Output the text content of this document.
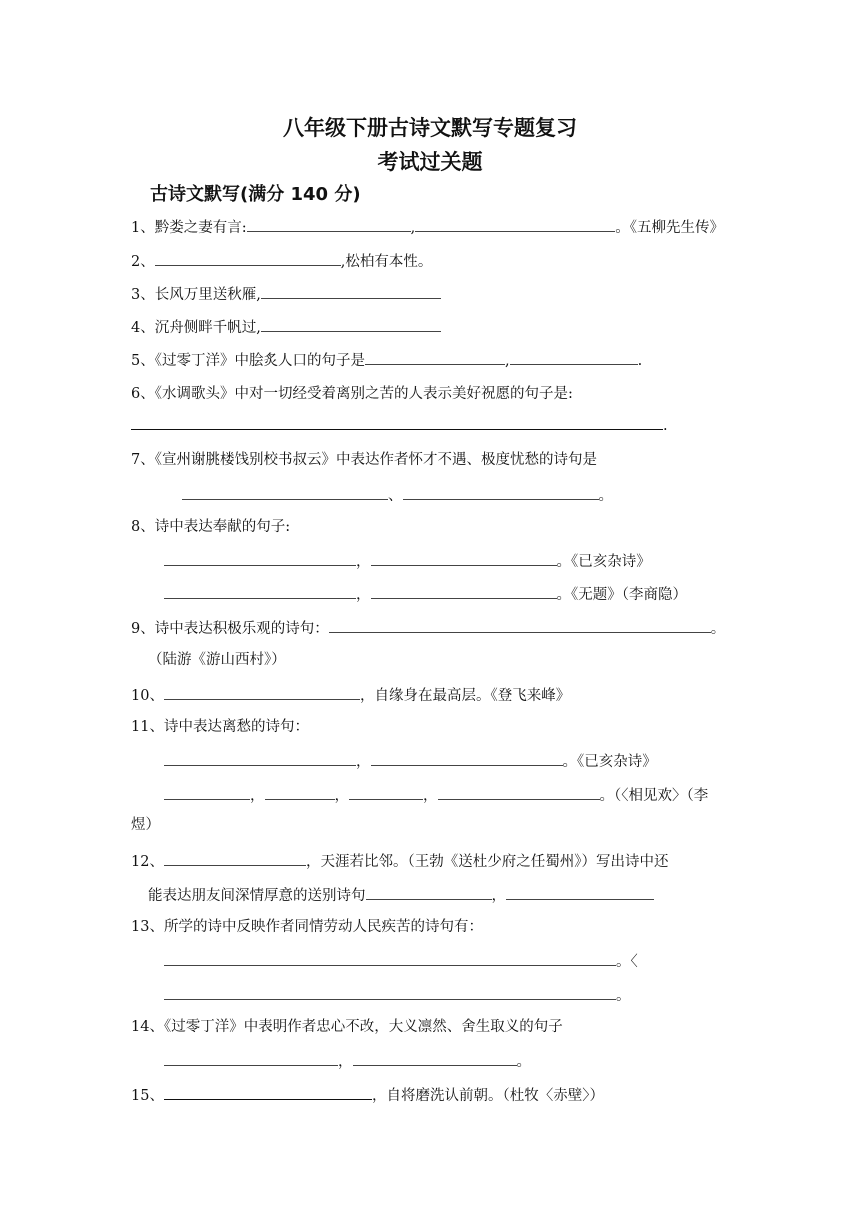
八年级下册古诗文默写专题复习
考试过关题
古诗文默写(满分 140 分)
1、黔娄之妻有言:	,	。《五柳先生传》
2、	,松柏有本性。
3、长风万里送秋雁,
4、沉舟侧畔千帆过,
5、《过零丁洋》中脍炙人口的句子是	,	.
6、《水调歌头》中对一切经受着离别之苦的人表示美好祝愿的句子是:
.
7、《宣州谢朓楼饯别校书叔云》中表达作者怀才不遇、极度忧愁的诗句是
、	。
8、诗中表达奉献的句子:
，	。《已亥杂诗》
，	。《无题》（李商隐）
9、诗中表达积极乐观的诗句：	。
（陆游《游山西村》）
10、	，自缘身在最高层。《登飞来峰》
11、诗中表达离愁的诗句：
，	。《已亥杂诗》
，	，	，	。（〈相见欢〉（李
煜）
12、	，天涯若比邻。（王勃《送杜少府之任蜀州》）写出诗中还
能表达朋友间深情厚意的送别诗句	，
13、所学的诗中反映作者同情劳动人民疾苦的诗句有：
。〈
。
14、《过零丁洋》中表明作者忠心不改，大义凛然、舍生取义的句子
，	。
15、	，自将磨洗认前朝。（杜牧〈赤壁〉）
